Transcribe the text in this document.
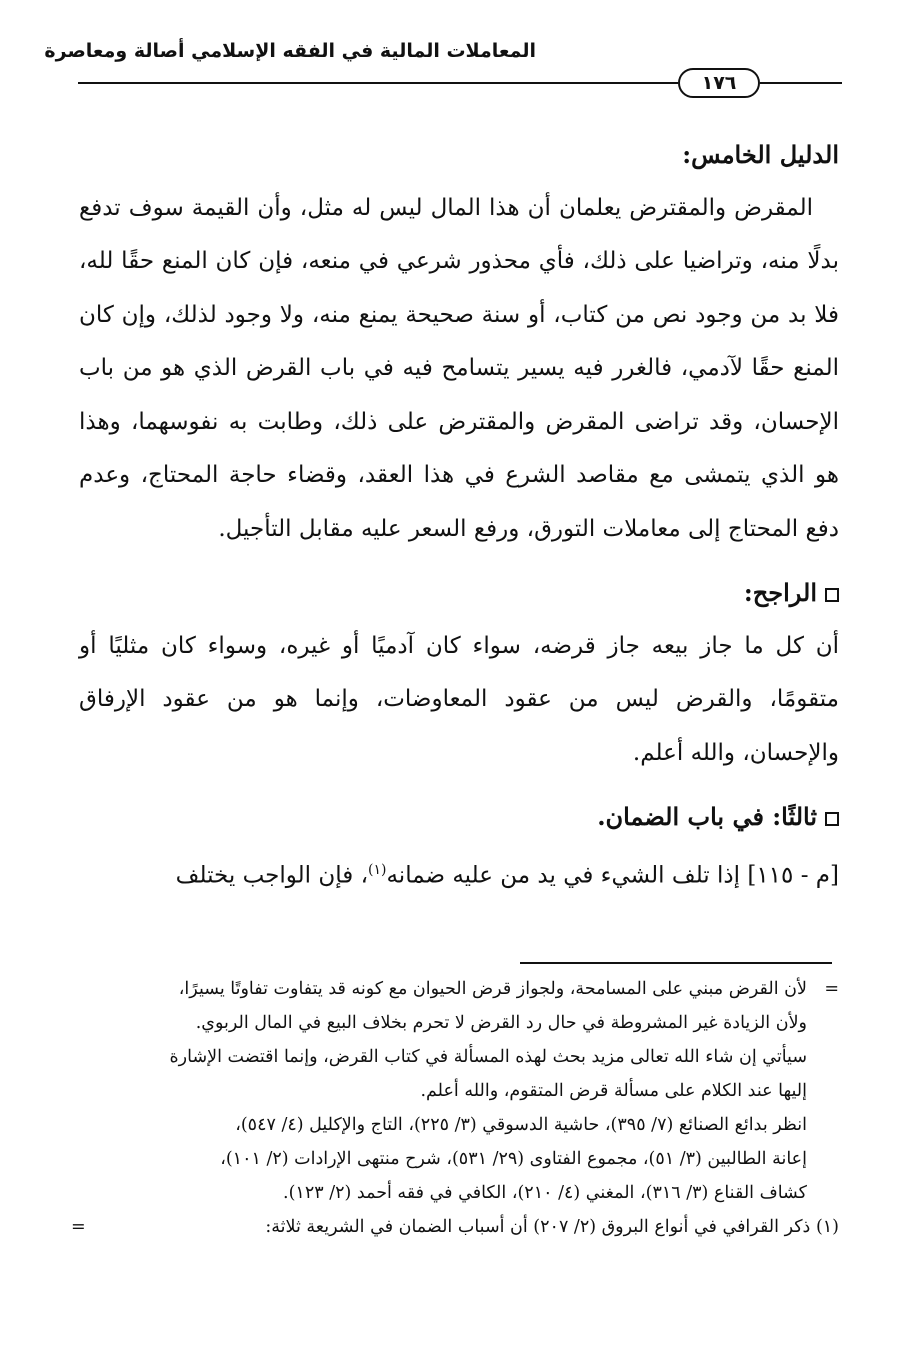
المعاملات المالية في الفقه الإسلامي أصالة ومعاصرة
١٧٦

الدليل الخامس:

المقرض والمقترض يعلمان أن هذا المال ليس له مثل، وأن القيمة سوف تدفع بدلًا منه، وتراضيا على ذلك، فأي محذور شرعي في منعه، فإن كان المنع حقًا لله، فلا بد من وجود نص من كتاب، أو سنة صحيحة يمنع منه، ولا وجود لذلك، وإن كان المنع حقًا لآدمي، فالغرر فيه يسير يتسامح فيه في باب القرض الذي هو من باب الإحسان، وقد تراضى المقرض والمقترض على ذلك، وطابت به نفوسهما، وهذا هو الذي يتمشى مع مقاصد الشرع في هذا العقد، وقضاء حاجة المحتاج، وعدم دفع المحتاج إلى معاملات التورق، ورفع السعر عليه مقابل التأجيل.

الراجح:

أن كل ما جاز بيعه جاز قرضه، سواء كان آدميًا أو غيره، وسواء كان مثليًا أو متقومًا، والقرض ليس من عقود المعاوضات، وإنما هو من عقود الإرفاق والإحسان، والله أعلم.

ثالثًا: في باب الضمان.

[م - ١١٥] إذا تلف الشيء في يد من عليه ضمانه$^{(١)}$، فإن الواجب يختلف

=

لأن القرض مبني على المسامحة، ولجواز قرض الحيوان مع كونه قد يتفاوت تفاوتًا يسيرًا،

ولأن الزيادة غير المشروطة في حال رد القرض لا تحرم بخلاف البيع في المال الربوي.

سيأتي إن شاء الله تعالى مزيد بحث لهذه المسألة في كتاب القرض، وإنما اقتضت الإشارة

إليها عند الكلام على مسألة قرض المتقوم، والله أعلم.

انظر بدائع الصنائع (٧/ ٣٩٥)، حاشية الدسوقي (٣/ ٢٢٥)، التاج والإكليل (٤/ ٥٤٧)،

إعانة الطالبين (٣/ ٥١)، مجموع الفتاوى (٢٩/ ٥٣١)، شرح منتهى الإرادات (٢/ ١٠١)،

كشاف القناع (٣/ ٣١٦)، المغني (٤/ ٢١٠)، الكافي في فقه أحمد (٢/ ١٢٣).

(١) ذكر القرافي في أنواع البروق (٢/ ٢٠٧) أن أسباب الضمان في الشريعة ثلاثة:
=
